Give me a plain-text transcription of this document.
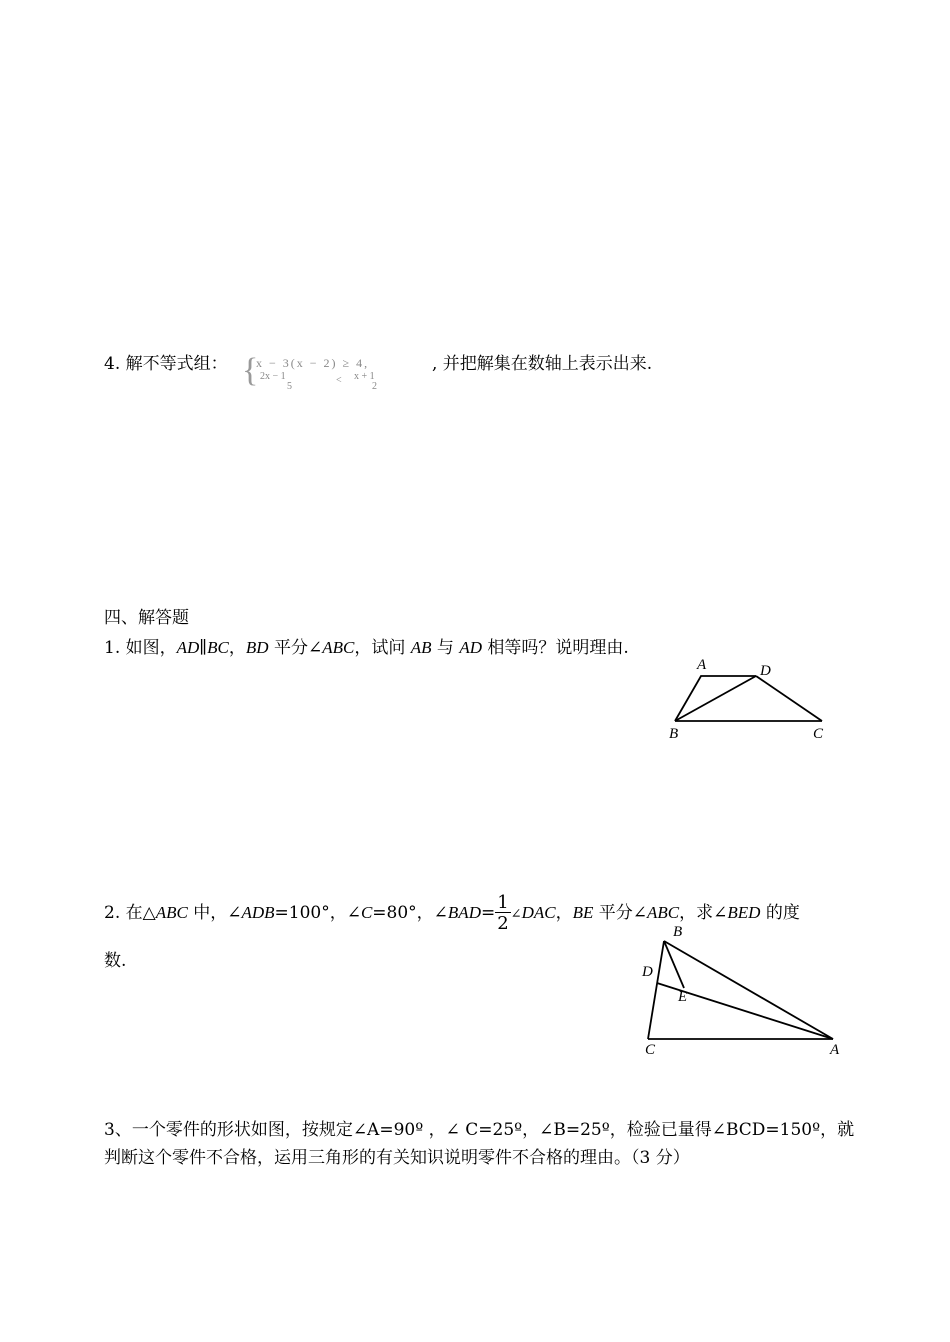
4. 解不等式组： {
x − 3(x − 2) ≥ 4,
2x − 1
5
< x + 1
2
, 并把解集在数轴上表示出来.
四、解答题
1. 如图，AD∥BC，BD 平分∠ABC，试问 AB 与 AD 相等吗？说明理由.
A	D
B	C
2. 在△ABC 中，∠ADB=100°，∠C=80°，∠BAD= $\frac{1}{2}$ ∠DAC，BE 平分∠ABC，求∠BED 的度
数.
B
D
E
C	A
3、一个零件的形状如图，按规定∠A=90º ，∠ C=25º，∠B=25º，检验已量得∠BCD=150º，就
判断这个零件不合格，运用三角形的有关知识说明零件不合格的理由。（3 分）
